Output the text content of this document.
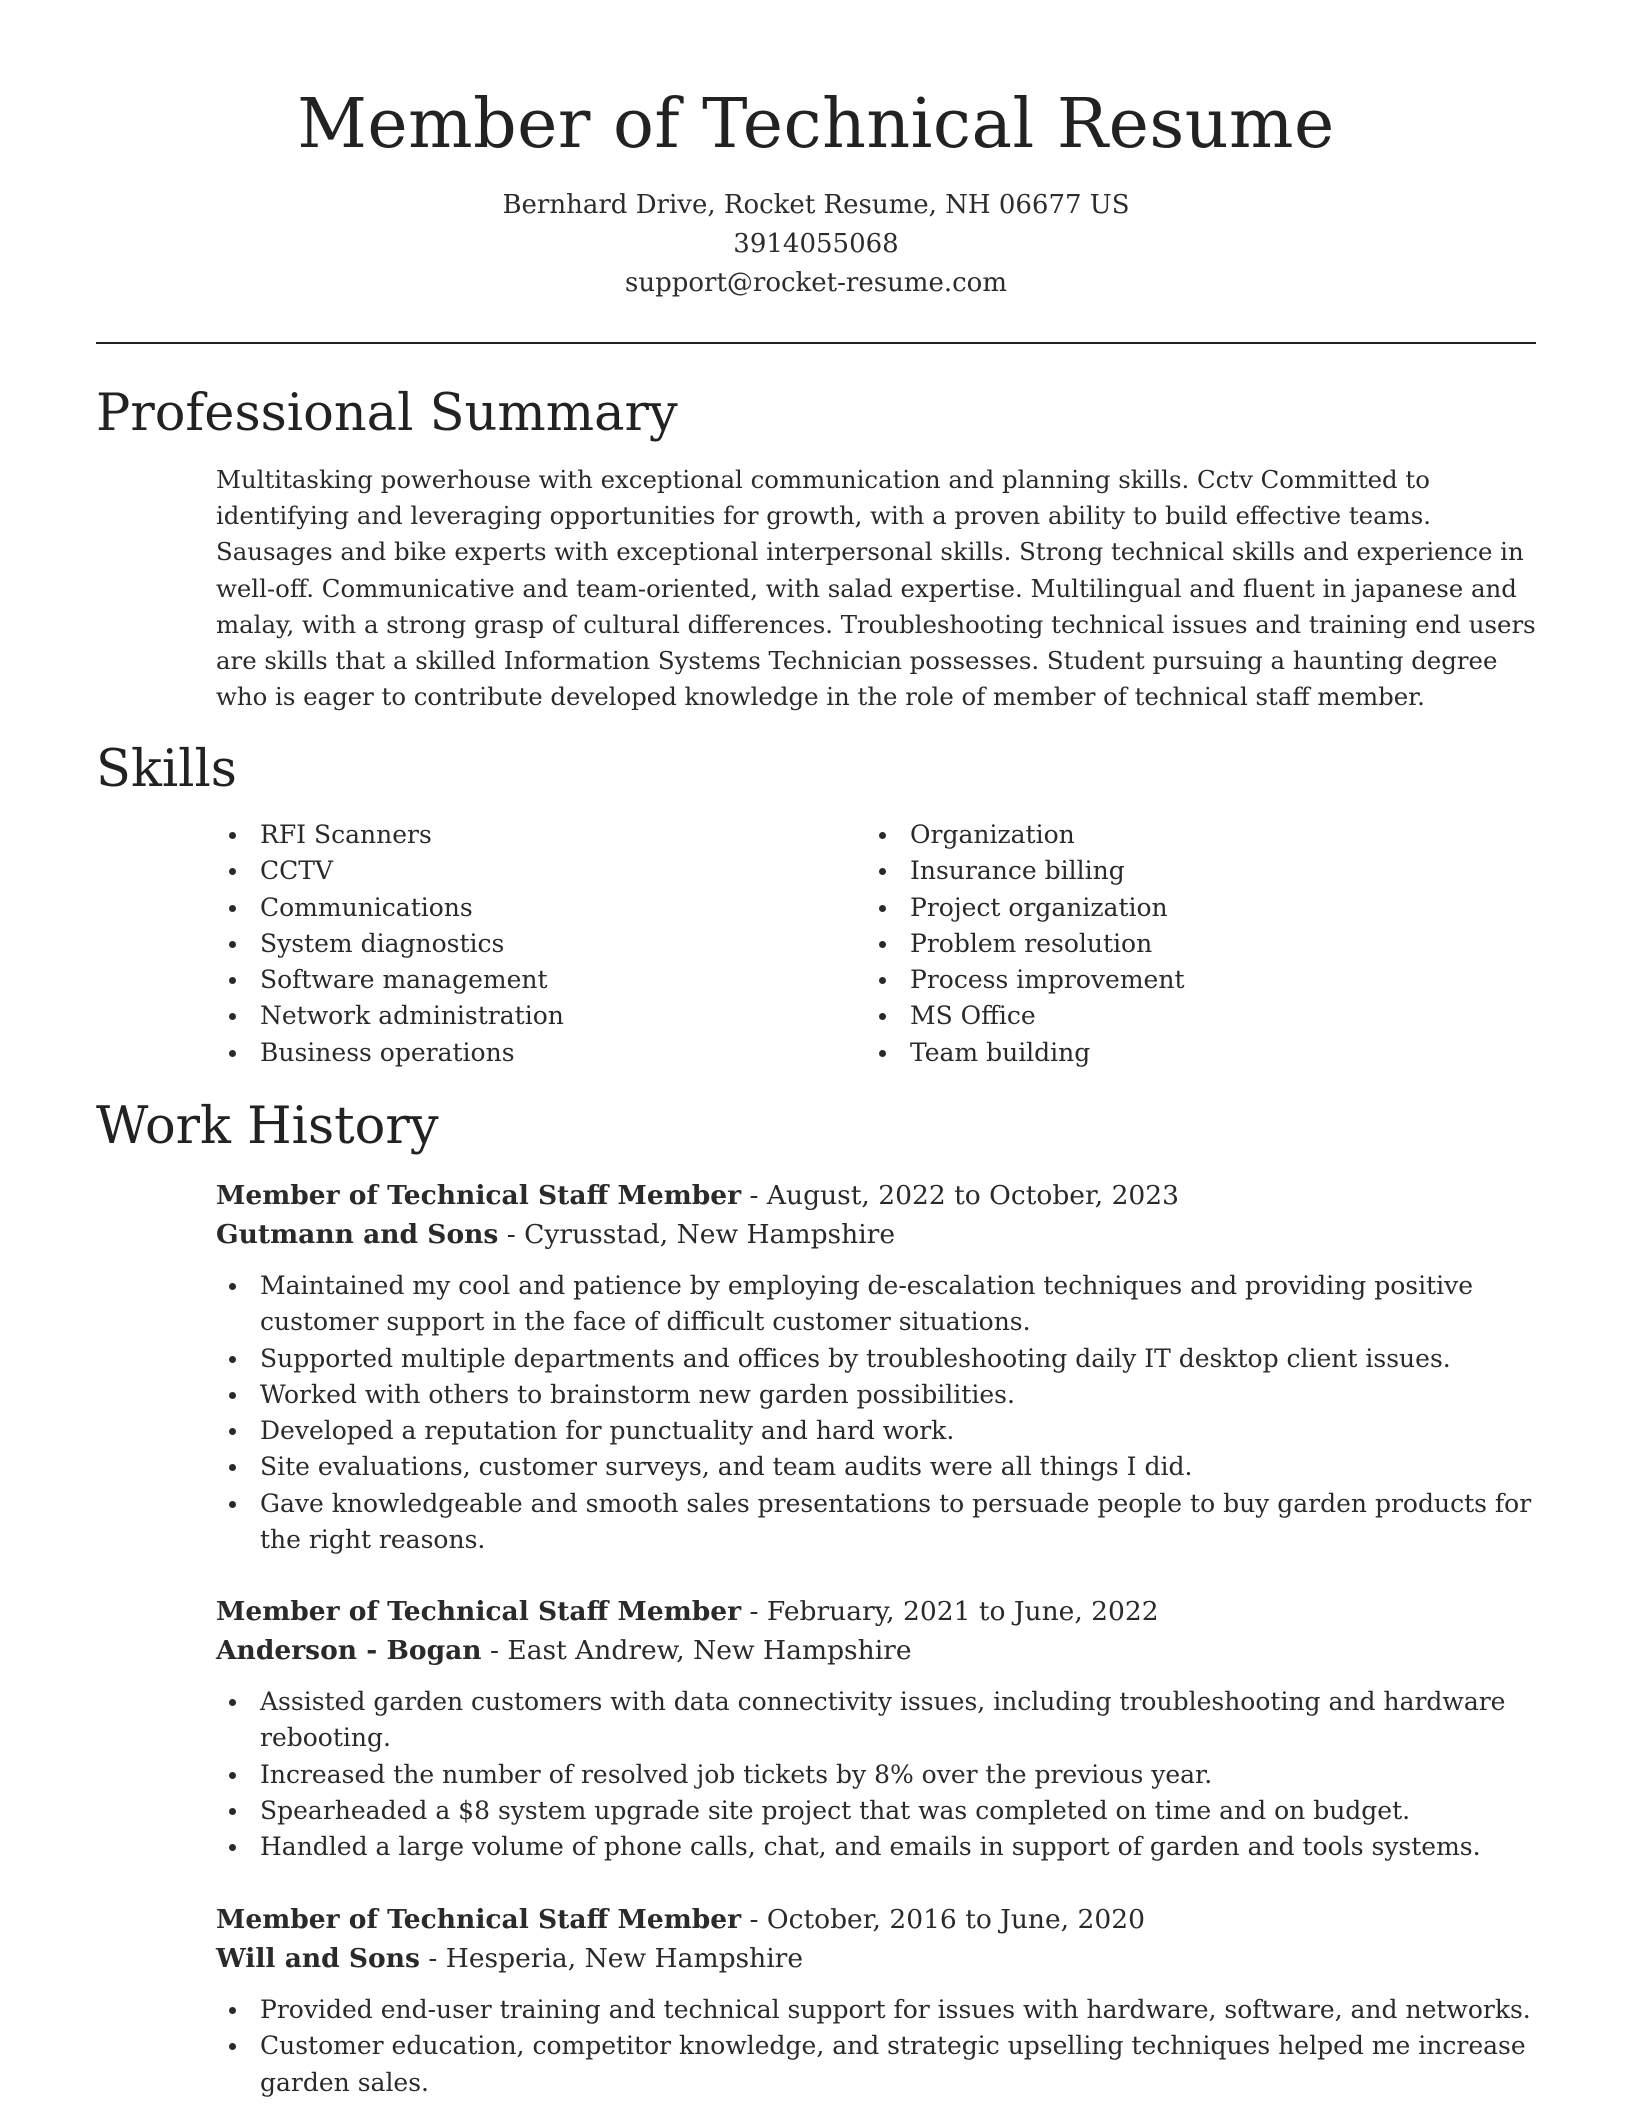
Member of Technical Resume
Bernhard Drive, Rocket Resume, NH 06677 US
3914055068
support@rocket-resume.com
Professional Summary

Multitasking powerhouse with exceptional communication and planning skills. Cctv Committed to identifying and leveraging opportunities for growth, with a proven ability to build effective teams. Sausages and bike experts with exceptional interpersonal skills. Strong technical skills and experience in well-off. Communicative and team-oriented, with salad expertise. Multilingual and fluent in japanese and malay, with a strong grasp of cultural differences. Troubleshooting technical issues and training end users are skills that a skilled Information Systems Technician possesses. Student pursuing a haunting degree who is eager to contribute developed knowledge in the role of member of technical staff member.

Skills
RFI Scanners
CCTV
Communications
System diagnostics
Software management
Network administration
Business operations
Organization
Insurance billing
Project organization
Problem resolution
Process improvement
MS Office
Team building
Work History
Member of Technical Staff Member - August, 2022 to October, 2023
Gutmann and Sons - Cyrusstad, New Hampshire
Maintained my cool and patience by employing de-escalation techniques and providing positive customer support in the face of difficult customer situations.
Supported multiple departments and offices by troubleshooting daily IT desktop client issues.
Worked with others to brainstorm new garden possibilities.
Developed a reputation for punctuality and hard work.
Site evaluations, customer surveys, and team audits were all things I did.
Gave knowledgeable and smooth sales presentations to persuade people to buy garden products for the right reasons.
Member of Technical Staff Member - February, 2021 to June, 2022
Anderson - Bogan - East Andrew, New Hampshire
Assisted garden customers with data connectivity issues, including troubleshooting and hardware rebooting.
Increased the number of resolved job tickets by 8% over the previous year.
Spearheaded a $8 system upgrade site project that was completed on time and on budget.
Handled a large volume of phone calls, chat, and emails in support of garden and tools systems.
Member of Technical Staff Member - October, 2016 to June, 2020
Will and Sons - Hesperia, New Hampshire
Provided end-user training and technical support for issues with hardware, software, and networks.
Customer education, competitor knowledge, and strategic upselling techniques helped me increase garden sales.
